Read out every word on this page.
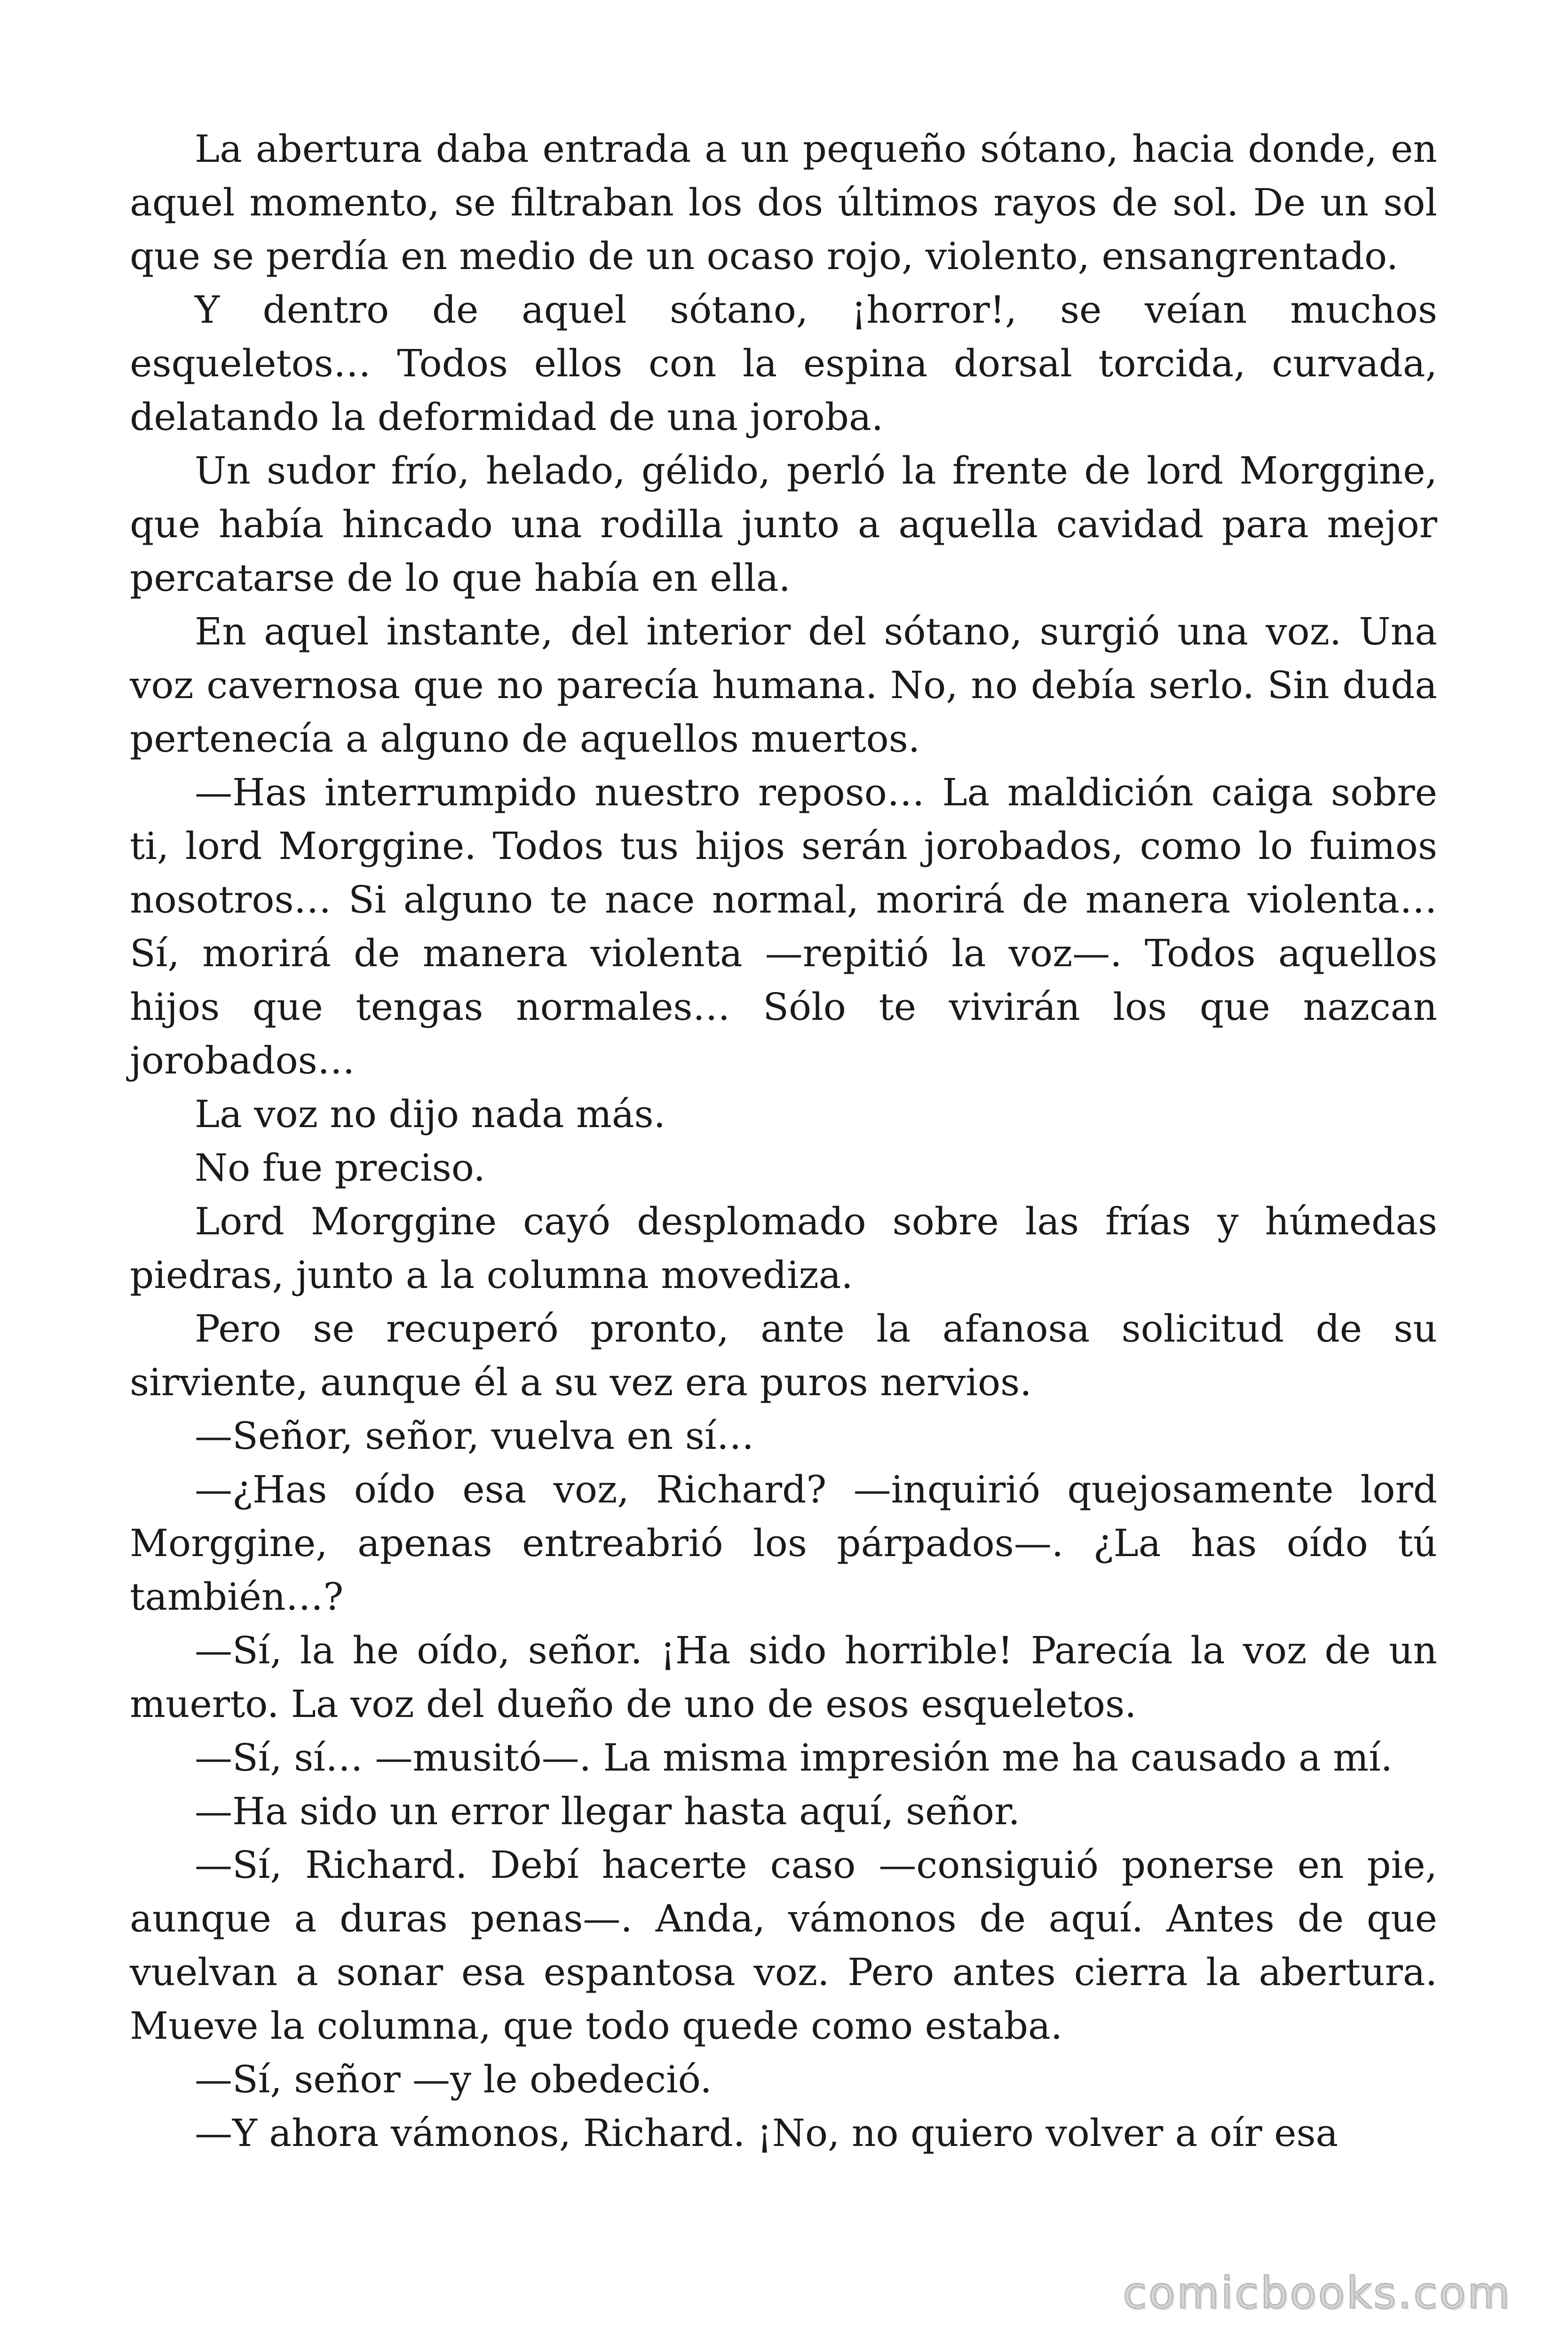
La abertura daba entrada a un pequeño sótano, hacia donde, en aquel momento, se filtraban los dos últimos rayos de sol. De un sol que se perdía en medio de un ocaso rojo, violento, ensangrentado.

Y dentro de aquel sótano, ¡horror!, se veían muchos esqueletos… Todos ellos con la espina dorsal torcida, curvada, delatando la deformidad de una joroba.

Un sudor frío, helado, gélido, perló la frente de lord Morggine, que había hincado una rodilla junto a aquella cavidad para mejor percatarse de lo que había en ella.

En aquel instante, del interior del sótano, surgió una voz. Una voz cavernosa que no parecía humana. No, no debía serlo. Sin duda pertenecía a alguno de aquellos muertos.

—Has interrumpido nuestro reposo… La maldición caiga sobre ti, lord Morggine. Todos tus hijos serán jorobados, como lo fuimos nosotros… Si alguno te nace normal, morirá de manera violenta… Sí, morirá de manera violenta —repitió la voz—. Todos aquellos hijos que tengas normales… Sólo te vivirán los que nazcan jorobados…

La voz no dijo nada más.

No fue preciso.

Lord Morggine cayó desplomado sobre las frías y húmedas piedras, junto a la columna movediza.

Pero se recuperó pronto, ante la afanosa solicitud de su sirviente, aunque él a su vez era puros nervios.

—Señor, señor, vuelva en sí…

—¿Has oído esa voz, Richard? —inquirió quejosamente lord Morggine, apenas entreabrió los párpados—. ¿La has oído tú también…?

—Sí, la he oído, señor. ¡Ha sido horrible! Parecía la voz de un muerto. La voz del dueño de uno de esos esqueletos.

—Sí, sí… —musitó—. La misma impresión me ha causado a mí.

—Ha sido un error llegar hasta aquí, señor.

—Sí, Richard. Debí hacerte caso —consiguió ponerse en pie, aunque a duras penas—. Anda, vámonos de aquí. Antes de que vuelvan a sonar esa espantosa voz. Pero antes cierra la abertura. Mueve la columna, que todo quede como estaba.

—Sí, señor —y le obedeció.

—Y ahora vámonos, Richard. ¡No, no quiero volver a oír esa

comicbooks.com
